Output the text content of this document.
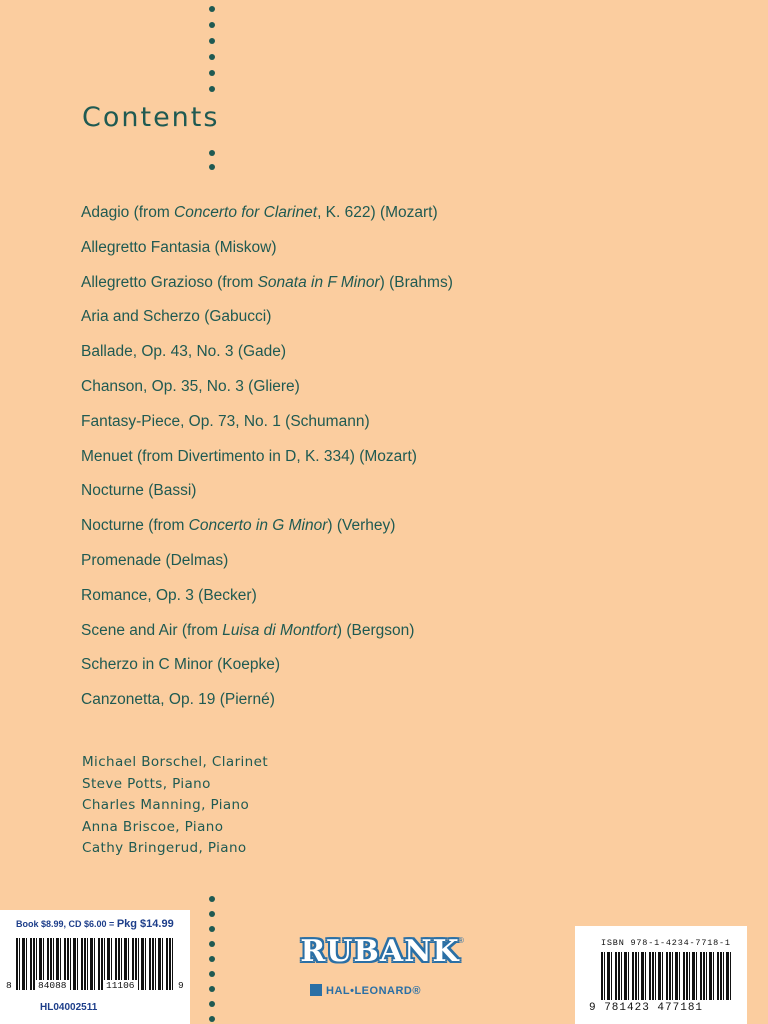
Contents
Adagio (from Concerto for Clarinet, K. 622) (Mozart)
Allegretto Fantasia (Miskow)
Allegretto Grazioso (from Sonata in F Minor) (Brahms)
Aria and Scherzo (Gabucci)
Ballade, Op. 43, No. 3 (Gade)
Chanson, Op. 35, No. 3 (Gliere)
Fantasy-Piece, Op. 73, No. 1 (Schumann)
Menuet (from Divertimento in D, K. 334) (Mozart)
Nocturne (Bassi)
Nocturne (from Concerto in G Minor) (Verhey)
Promenade (Delmas)
Romance, Op. 3 (Becker)
Scene and Air (from Luisa di Montfort) (Bergson)
Scherzo in C Minor (Koepke)
Canzonetta, Op. 19 (Pierné)
Michael Borschel, Clarinet
Steve Potts, Piano
Charles Manning, Piano
Anna Briscoe, Piano
Cathy Bringerud, Piano
Book $8.99, CD $6.00 = Pkg $14.99
8	84088	11106	9
HL04002511
RUBANK
®
HAL•LEONARD®
ISBN 978-1-4234-7718-1
9 781423 477181
